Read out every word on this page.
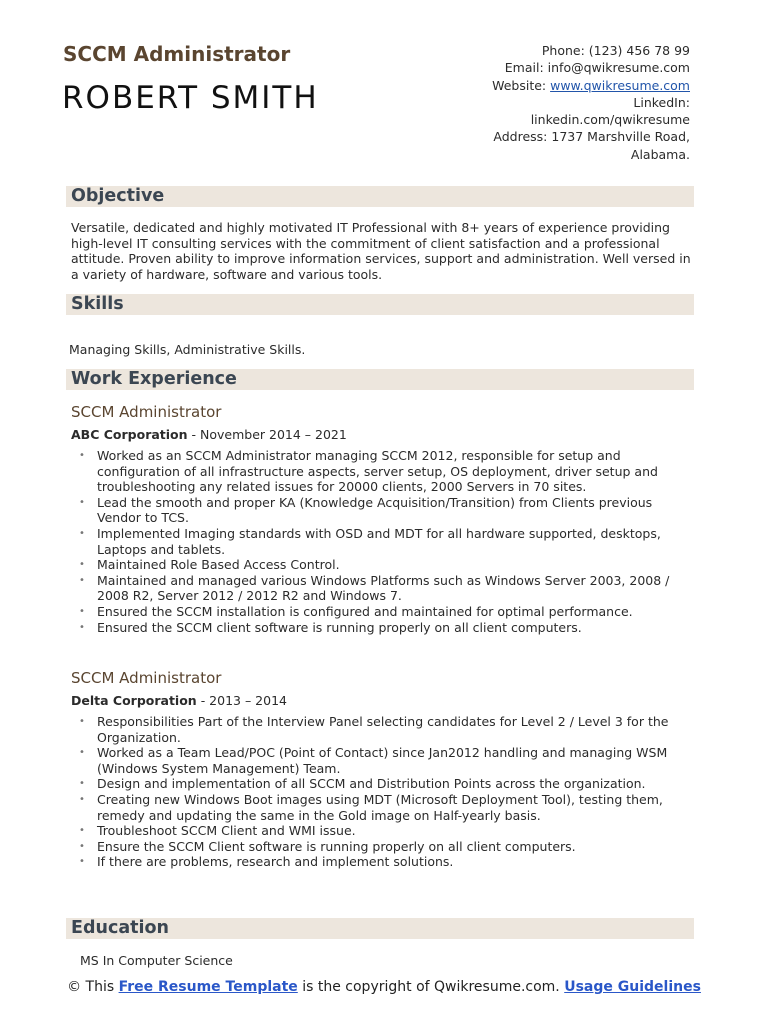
SCCM Administrator
ROBERT SMITH
Phone: (123) 456 78 99
Email: info@qwikresume.com
Website: www.qwikresume.com
LinkedIn:
linkedin.com/qwikresume
Address: 1737 Marshville Road,
Alabama.
Objective
Versatile, dedicated and highly motivated IT Professional with 8+ years of experience providing high-level IT consulting services with the commitment of client satisfaction and a professional attitude. Proven ability to improve information services, support and administration. Well versed in a variety of hardware, software and various tools.
Skills
Managing Skills, Administrative Skills.
Work Experience
SCCM Administrator
ABC Corporation - November 2014 – 2021
• Worked as an SCCM Administrator managing SCCM 2012, responsible for setup and configuration of all infrastructure aspects, server setup, OS deployment, driver setup and troubleshooting any related issues for 20000 clients, 2000 Servers in 70 sites.
• Lead the smooth and proper KA (Knowledge Acquisition/Transition) from Clients previous Vendor to TCS.
• Implemented Imaging standards with OSD and MDT for all hardware supported, desktops, Laptops and tablets.
• Maintained Role Based Access Control.
• Maintained and managed various Windows Platforms such as Windows Server 2003, 2008 / 2008 R2, Server 2012 / 2012 R2 and Windows 7.
• Ensured the SCCM installation is configured and maintained for optimal performance.
• Ensured the SCCM client software is running properly on all client computers.
SCCM Administrator
Delta Corporation - 2013 – 2014
• Responsibilities Part of the Interview Panel selecting candidates for Level 2 / Level 3 for the Organization.
• Worked as a Team Lead/POC (Point of Contact) since Jan2012 handling and managing WSM (Windows System Management) Team.
• Design and implementation of all SCCM and Distribution Points across the organization.
• Creating new Windows Boot images using MDT (Microsoft Deployment Tool), testing them, remedy and updating the same in the Gold image on Half-yearly basis.
• Troubleshoot SCCM Client and WMI issue.
• Ensure the SCCM Client software is running properly on all client computers.
• If there are problems, research and implement solutions.
Education
MS In Computer Science
© This Free Resume Template is the copyright of Qwikresume.com. Usage Guidelines
